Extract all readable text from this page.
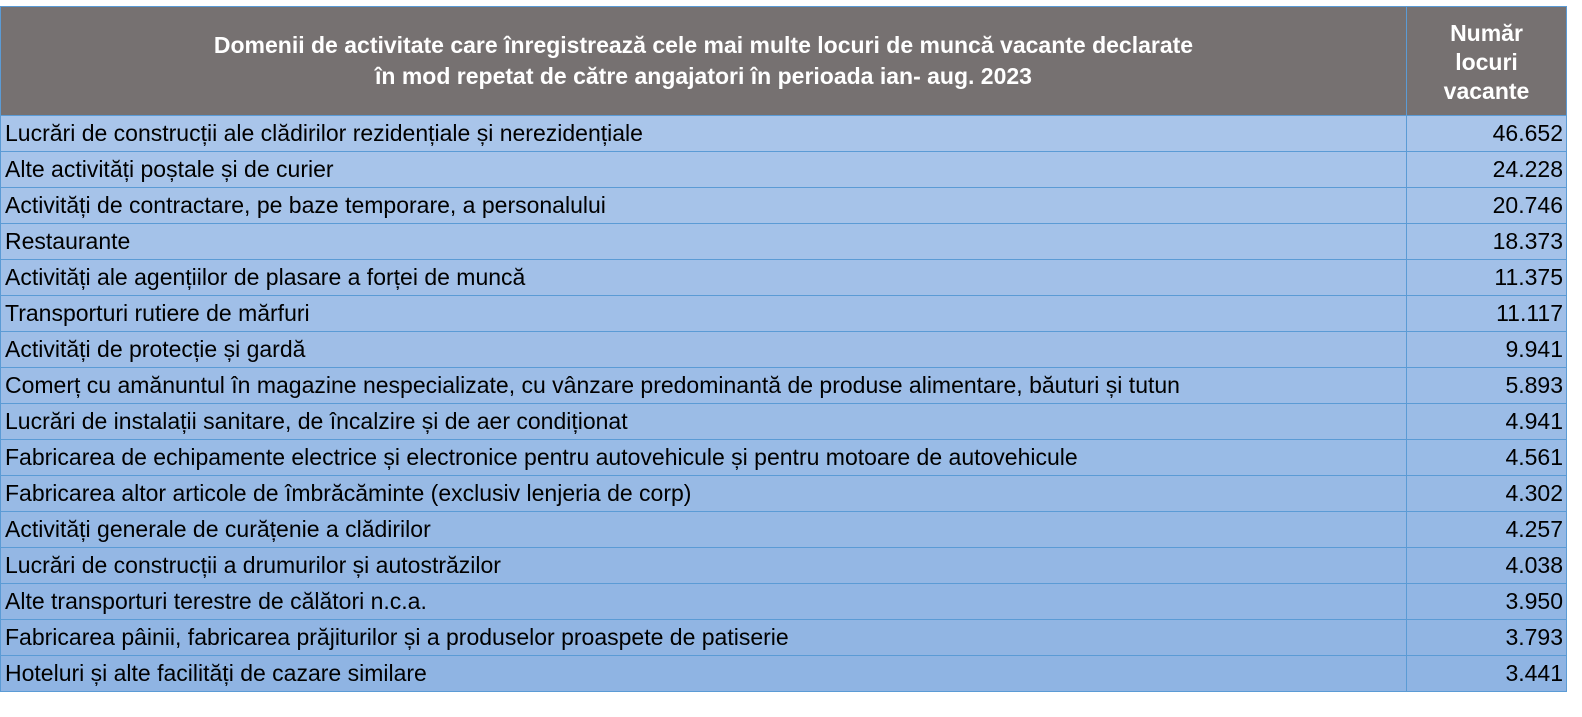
Domenii de activitate care înregistrează cele mai multe locuri de muncă vacante declarate
în mod repetat de către angajatori în perioada ian- aug. 2023	Număr
locuri
vacante
Lucrări de construcții ale clădirilor rezidențiale și nerezidențiale	46.652
Alte activități poștale și de curier	24.228
Activități de contractare, pe baze temporare, a personalului	20.746
Restaurante	18.373
Activități ale agențiilor de plasare a forței de muncă	11.375
Transporturi rutiere de mărfuri	11.117
Activități de protecție și gardă	9.941
Comerț cu amănuntul în magazine nespecializate, cu vânzare predominantă de produse alimentare, băuturi și tutun	5.893
Lucrări de instalații sanitare, de încalzire și de aer condiționat	4.941
Fabricarea de echipamente electrice și electronice pentru autovehicule și pentru motoare de autovehicule	4.561
Fabricarea altor articole de îmbrăcăminte (exclusiv lenjeria de corp)	4.302
Activități generale de curățenie a clădirilor	4.257
Lucrări de construcții a drumurilor și autostrăzilor	4.038
Alte transporturi terestre de călători n.c.a.	3.950
Fabricarea pâinii, fabricarea prăjiturilor și a produselor proaspete de patiserie	3.793
Hoteluri și alte facilități de cazare similare	3.441
